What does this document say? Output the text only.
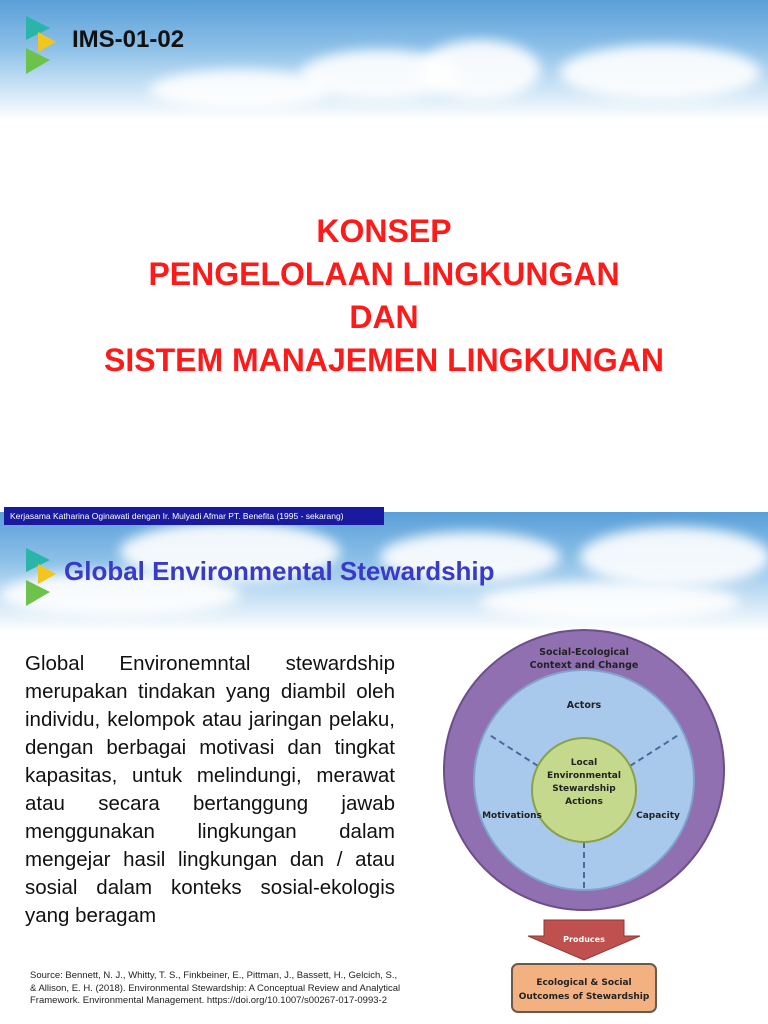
IMS-01-02
KONSEP
PENGELOLAAN LINGKUNGAN
DAN
SISTEM MANAJEMEN LINGKUNGAN
Global Environmental Stewardship
Global Environemntal stewardship merupakan tindakan yang diambil oleh individu, kelompok atau jaringan pelaku, dengan berbagai motivasi dan tingkat kapasitas, untuk melindungi, merawat atau secara bertanggung jawab menggunakan lingkungan dalam mengejar hasil lingkungan dan / atau sosial dalam konteks sosial-ekologis yang beragam
Source: Bennett, N. J., Whitty, T. S., Finkbeiner, E., Pittman, J., Bassett, H., Gelcich, S., & Allison, E. H. (2018). Environmental Stewardship: A Conceptual Review and Analytical Framework. Environmental Management. https://doi.org/10.1007/s00267-017-0993-2
Social-Ecological
Context and Change
Actors
Motivations	Capacity
Local
Environmental
Stewardship
Actions
Produces
Ecological & Social
Outcomes of Stewardship
Kerjasama Katharina Oginawati dengan Ir. Mulyadi Afmar PT. Benefita (1995 - sekarang)
